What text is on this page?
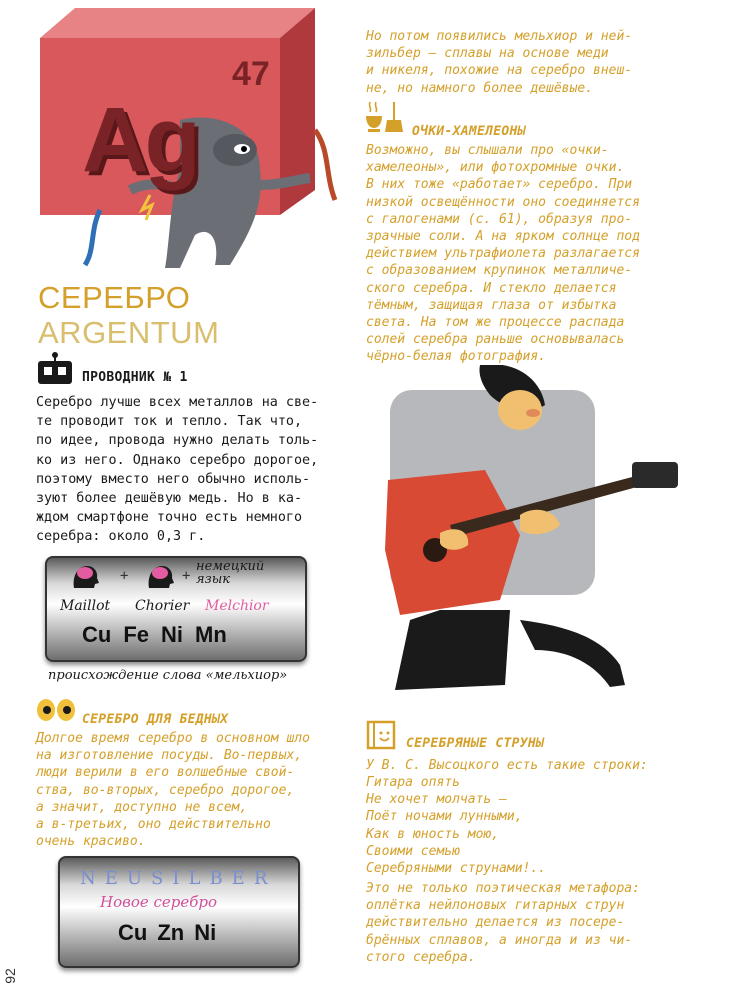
Ag
47
СЕРЕБРО
ARGENTUM
ПРОВОДНИК № 1
Серебро лучше всех металлов на све-
те проводит ток и тепло. Так что,
по идее, провода нужно делать толь-
ко из него. Однако серебро дорогое,
поэтому вместо него обычно исполь-
зуют более дешёвую медь. Но в ка-
ждом смартфоне точно есть немного
серебра: около 0,3 г.
+	+
немецкий
язык
Maillot Chorier Melchior
Cu Fe Ni Mn
происхождение слова «мельхиор»
СЕРЕБРО ДЛЯ БЕДНЫХ
Долгое время серебро в основном шло
на изготовление посуды. Во-первых,
люди верили в его волшебные свой-
ства, во-вторых, серебро дорогое,
а значит, доступно не всем,
а в-третьих, оно действительно
очень красиво.
NEUSILBER
Новое серебро
Cu Zn Ni
Но потом появились мельхиор и ней-
зильбер – сплавы на основе меди
и никеля, похожие на серебро внеш-
не, но намного более дешёвые.
ОЧКИ-ХАМЕЛЕОНЫ
Возможно, вы слышали про «очки-
хамелеоны», или фотохромные очки.
В них тоже «работает» серебро. При
низкой освещённости оно соединяется
с галогенами (с. 61), образуя про-
зрачные соли. А на ярком солнце под
действием ультрафиолета разлагается
с образованием крупинок металличе-
ского серебра. И стекло делается
тёмным, защищая глаза от избытка
света. На том же процессе распада
солей серебра раньше основывалась
чёрно-белая фотография.
СЕРЕБРЯНЫЕ СТРУНЫ
У В. С. Высоцкого есть такие строки:
Гитара опять
Не хочет молчать —
Поёт ночами лунными,
Как в юность мою,
Своими семью
Серебряными струнами!..
Это не только поэтическая метафора:
оплётка нейлоновых гитарных струн
действительно делается из посере-
брённых сплавов, а иногда и из чи-
стого серебра.
92
